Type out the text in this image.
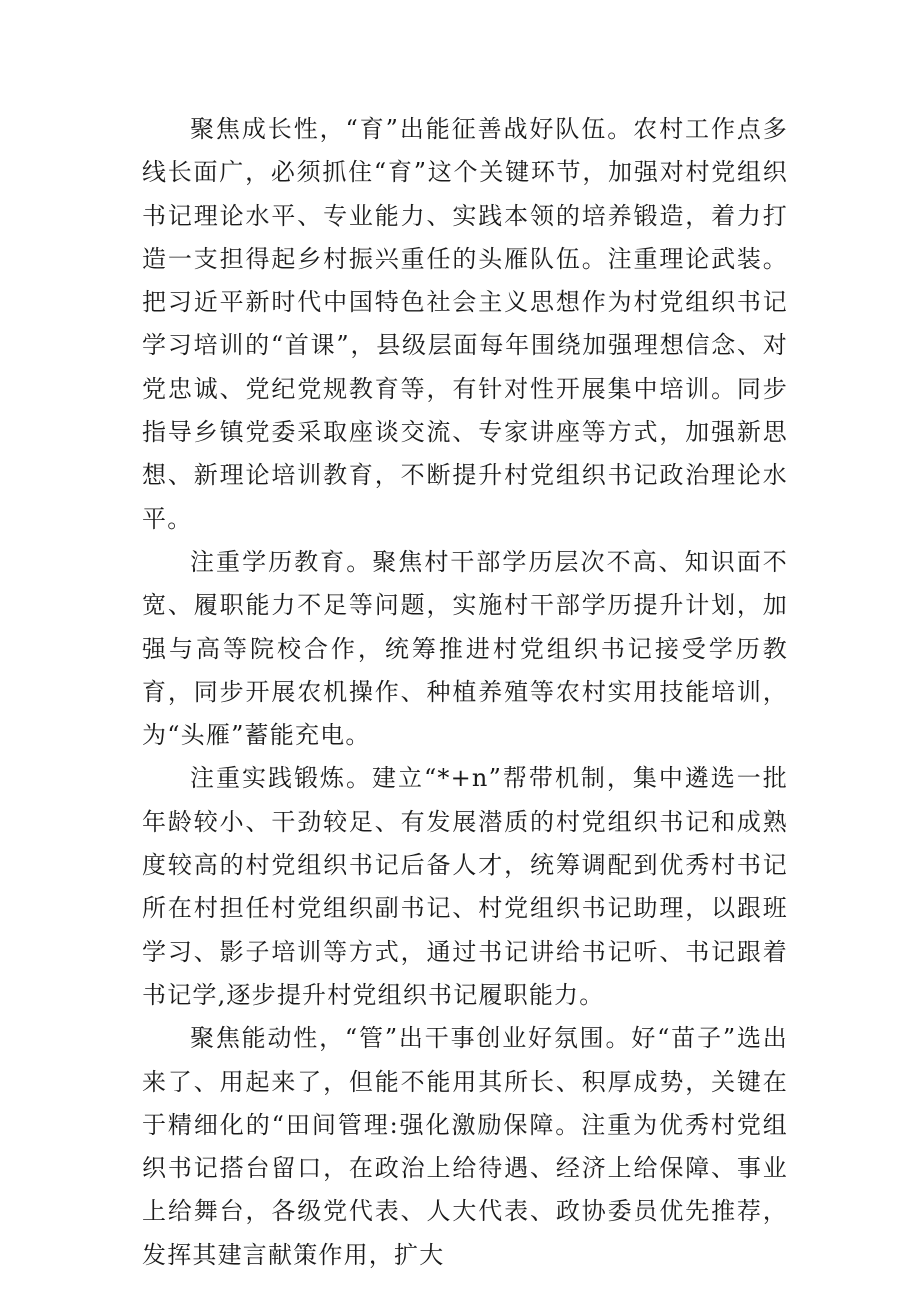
聚焦成长性，“育”出能征善战好队伍。农村工作点多线长面广，必须抓住“育”这个关键环节，加强对村党组织书记理论水平、专业能力、实践本领的培养锻造，着力打造一支担得起乡村振兴重任的头雁队伍。注重理论武装。把习近平新时代中国特色社会主义思想作为村党组织书记学习培训的“首课”，县级层面每年围绕加强理想信念、对党忠诚、党纪党规教育等，有针对性开展集中培训。同步指导乡镇党委采取座谈交流、专家讲座等方式，加强新思想、新理论培训教育，不断提升村党组织书记政治理论水平。

注重学历教育。聚焦村干部学历层次不高、知识面不宽、履职能力不足等问题，实施村干部学历提升计划，加强与高等院校合作，统筹推进村党组织书记接受学历教育，同步开展农机操作、种植养殖等农村实用技能培训，为“头雁”蓄能充电。

注重实践锻炼。建立“*+n”帮带机制，集中遴选一批年龄较小、干劲较足、有发展潜质的村党组织书记和成熟度较高的村党组织书记后备人才，统筹调配到优秀村书记所在村担任村党组织副书记、村党组织书记助理，以跟班学习、影子培训等方式，通过书记讲给书记听、书记跟着书记学,逐步提升村党组织书记履职能力。

聚焦能动性，“管”出干事创业好氛围。好“苗子”选出来了、用起来了，但能不能用其所长、积厚成势，关键在于精细化的“田间管理:强化激励保障。注重为优秀村党组织书记搭台留口，在政治上给待遇、经济上给保障、事业上给舞台，各级党代表、人大代表、政协委员优先推荐，发挥其建言献策作用，扩大
